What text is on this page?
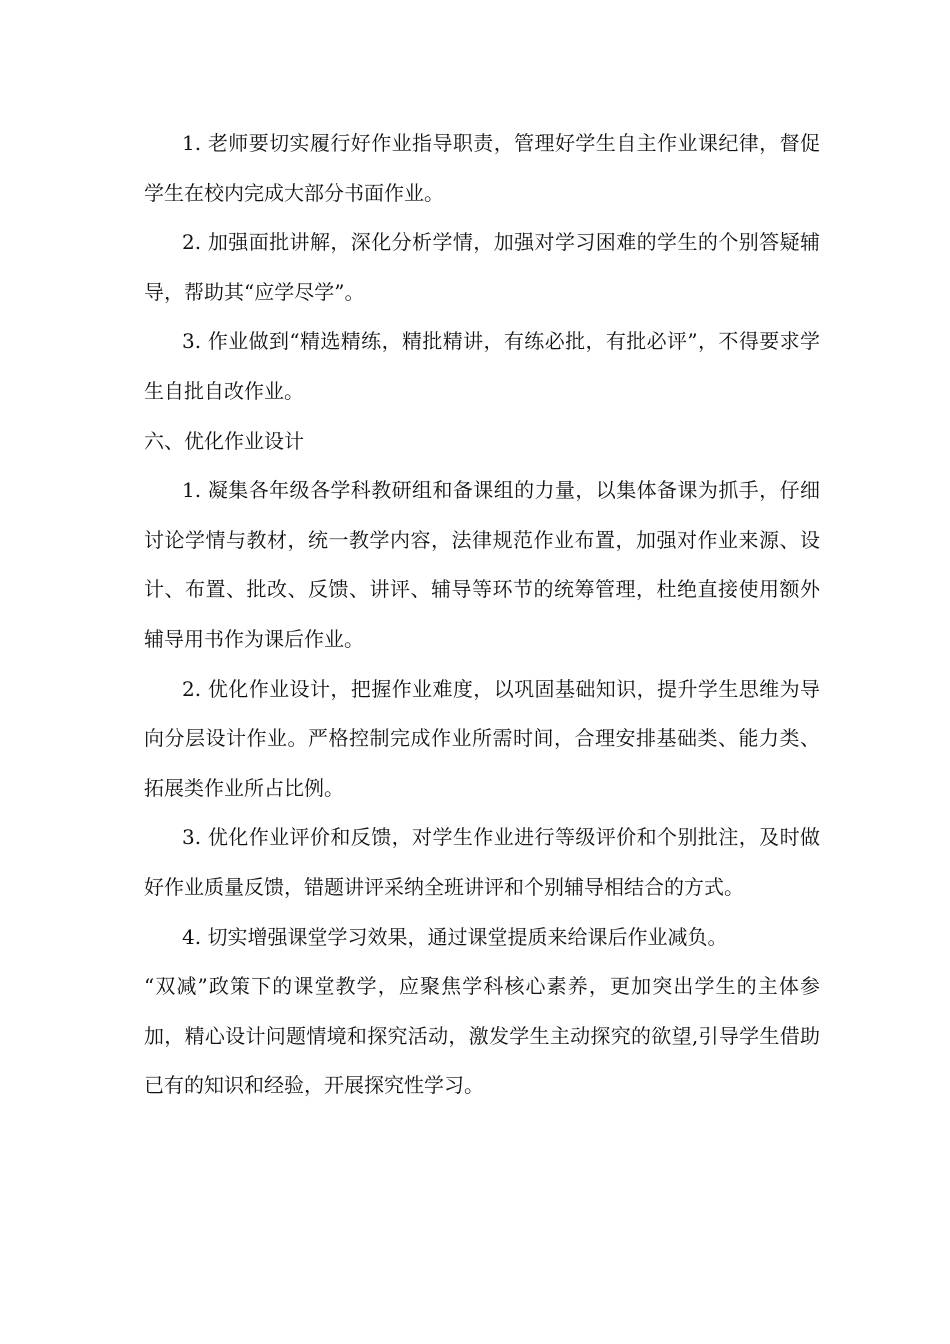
1. 老师要切实履行好作业指导职责，管理好学生自主作业课纪律，督促学生在校内完成大部分书面作业。

2. 加强面批讲解，深化分析学情，加强对学习困难的学生的个别答疑辅导，帮助其“应学尽学”。

3. 作业做到“精选精练，精批精讲，有练必批，有批必评”，不得要求学生自批自改作业。

六、优化作业设计

1. 凝集各年级各学科教研组和备课组的力量，以集体备课为抓手，仔细讨论学情与教材，统一教学内容，法律规范作业布置，加强对作业来源、设计、布置、批改、反馈、讲评、辅导等环节的统筹管理，杜绝直接使用额外辅导用书作为课后作业。

2. 优化作业设计，把握作业难度，以巩固基础知识，提升学生思维为导向分层设计作业。严格控制完成作业所需时间，合理安排基础类、能力类、拓展类作业所占比例。

3. 优化作业评价和反馈，对学生作业进行等级评价和个别批注，及时做好作业质量反馈，错题讲评采纳全班讲评和个别辅导相结合的方式。

4. 切实增强课堂学习效果，通过课堂提质来给课后作业减负。

“双减”政策下的课堂教学，应聚焦学科核心素养，更加突出学生的主体参加，精心设计问题情境和探究活动，激发学生主动探究的欲望,引导学生借助已有的知识和经验，开展探究性学习。
